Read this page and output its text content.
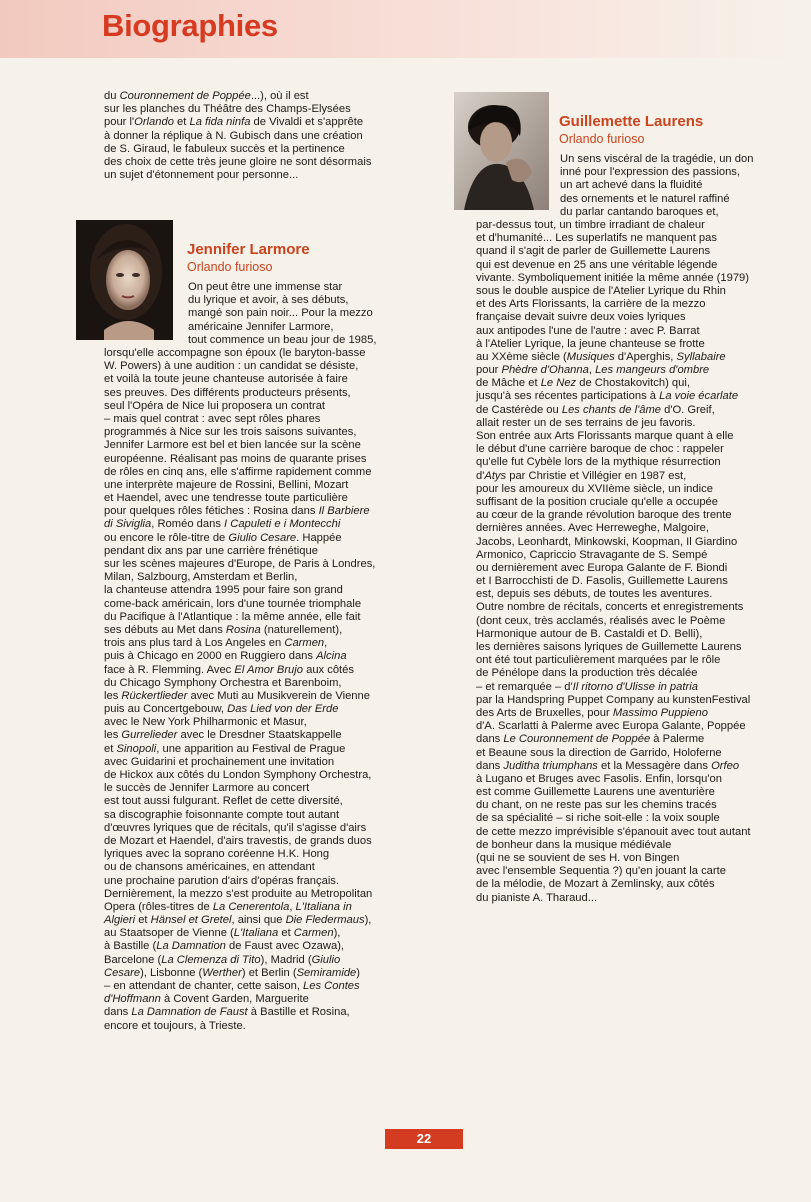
Biographies
du Couronnement de Poppée...), où il est
sur les planches du Théâtre des Champs-Elysées
pour l'Orlando et La fida ninfa de Vivaldi et s'apprête
à donner la réplique à N. Gubisch dans une création
de S. Giraud, le fabuleux succès et la pertinence
des choix de cette très jeune gloire ne sont désormais
un sujet d'étonnement pour personne...
Jennifer Larmore
Orlando furioso
On peut être une immense star
du lyrique et avoir, à ses débuts,
mangé son pain noir... Pour la mezzo
américaine Jennifer Larmore,
tout commence un beau jour de 1985,
lorsqu'elle accompagne son époux (le baryton-basse
W. Powers) à une audition : un candidat se désiste,
et voilà la toute jeune chanteuse autorisée à faire
ses preuves. Des différents producteurs présents,
seul l'Opéra de Nice lui proposera un contrat
– mais quel contrat : avec sept rôles phares
programmés à Nice sur les trois saisons suivantes,
Jennifer Larmore est bel et bien lancée sur la scène
européenne. Réalisant pas moins de quarante prises
de rôles en cinq ans, elle s'affirme rapidement comme
une interprète majeure de Rossini, Bellini, Mozart
et Haendel, avec une tendresse toute particulière
pour quelques rôles fétiches : Rosina dans Il Barbiere
di Siviglia, Roméo dans I Capuleti e i Montecchi
ou encore le rôle-titre de Giulio Cesare. Happée
pendant dix ans par une carrière frénétique
sur les scènes majeures d'Europe, de Paris à Londres,
Milan, Salzbourg, Amsterdam et Berlin,
la chanteuse attendra 1995 pour faire son grand
come-back américain, lors d'une tournée triomphale
du Pacifique à l'Atlantique : la même année, elle fait
ses débuts au Met dans Rosina (naturellement),
trois ans plus tard à Los Angeles en Carmen,
puis à Chicago en 2000 en Ruggiero dans Alcina
face à R. Flemming. Avec El Amor Brujo aux côtés
du Chicago Symphony Orchestra et Barenboim,
les Rückertlieder avec Muti au Musikverein de Vienne
puis au Concertgebouw, Das Lied von der Erde
avec le New York Philharmonic et Masur,
les Gurrelieder avec le Dresdner Staatskappelle
et Sinopoli, une apparition au Festival de Prague
avec Guidarini et prochainement une invitation
de Hickox aux côtés du London Symphony Orchestra,
le succès de Jennifer Larmore au concert
est tout aussi fulgurant. Reflet de cette diversité,
sa discographie foisonnante compte tout autant
d'œuvres lyriques que de récitals, qu'il s'agisse d'airs
de Mozart et Haendel, d'airs travestis, de grands duos
lyriques avec la soprano coréenne H.K. Hong
ou de chansons américaines, en attendant
une prochaine parution d'airs d'opéras français.
Dernièrement, la mezzo s'est produite au Metropolitan
Opera (rôles-titres de La Cenerentola, L'Italiana in
Algieri et Hänsel et Gretel, ainsi que Die Fledermaus),
au Staatsoper de Vienne (L'Italiana et Carmen),
à Bastille (La Damnation de Faust avec Ozawa),
Barcelone (La Clemenza di Tito), Madrid (Giulio
Cesare), Lisbonne (Werther) et Berlin (Semiramide)
– en attendant de chanter, cette saison, Les Contes
d'Hoffmann à Covent Garden, Marguerite
dans La Damnation de Faust à Bastille et Rosina,
encore et toujours, à Trieste.
Guillemette Laurens
Orlando furioso
Un sens viscéral de la tragédie, un don
inné pour l'expression des passions,
un art achevé dans la fluidité
des ornements et le naturel raffiné
du parlar cantando baroques et,
par-dessus tout, un timbre irradiant de chaleur
et d'humanité... Les superlatifs ne manquent pas
quand il s'agit de parler de Guillemette Laurens
qui est devenue en 25 ans une véritable légende
vivante. Symboliquement initiée la même année (1979)
sous le double auspice de l'Atelier Lyrique du Rhin
et des Arts Florissants, la carrière de la mezzo
française devait suivre deux voies lyriques
aux antipodes l'une de l'autre : avec P. Barrat
à l'Atelier Lyrique, la jeune chanteuse se frotte
au XXème siècle (Musiques d'Aperghis, Syllabaire
pour Phèdre d'Ohanna, Les mangeurs d'ombre
de Mâche et Le Nez de Chostakovitch) qui,
jusqu'à ses récentes participations à La voie écarlate
de Castérède ou Les chants de l'âme d'O. Greif,
allait rester un de ses terrains de jeu favoris.
Son entrée aux Arts Florissants marque quant à elle
le début d'une carrière baroque de choc : rappeler
qu'elle fut Cybèle lors de la mythique résurrection
d'Atys par Christie et Villégier en 1987 est,
pour les amoureux du XVIIème siècle, un indice
suffisant de la position cruciale qu'elle a occupée
au cœur de la grande révolution baroque des trente
dernières années. Avec Herreweghe, Malgoire,
Jacobs, Leonhardt, Minkowski, Koopman, Il Giardino
Armonico, Capriccio Stravagante de S. Sempé
ou dernièrement avec Europa Galante de F. Biondi
et I Barrocchisti de D. Fasolis, Guillemette Laurens
est, depuis ses débuts, de toutes les aventures.
Outre nombre de récitals, concerts et enregistrements
(dont ceux, très acclamés, réalisés avec le Poème
Harmonique autour de B. Castaldi et D. Belli),
les dernières saisons lyriques de Guillemette Laurens
ont été tout particulièrement marquées par le rôle
de Pénélope dans la production très décalée
– et remarquée – d'Il ritorno d'Ulisse in patria
par la Handspring Puppet Company au kunstenFestival
des Arts de Bruxelles, pour Massimo Puppieno
d'A. Scarlatti à Palerme avec Europa Galante, Poppée
dans Le Couronnement de Poppée à Palerme
et Beaune sous la direction de Garrido, Holoferne
dans Juditha triumphans et la Messagère dans Orfeo
à Lugano et Bruges avec Fasolis. Enfin, lorsqu'on
est comme Guillemette Laurens une aventurière
du chant, on ne reste pas sur les chemins tracés
de sa spécialité – si riche soit-elle : la voix souple
de cette mezzo imprévisible s'épanouit avec tout autant
de bonheur dans la musique médiévale
(qui ne se souvient de ses H. von Bingen
avec l'ensemble Sequentia ?) qu'en jouant la carte
de la mélodie, de Mozart à Zemlinsky, aux côtés
du pianiste A. Tharaud...
22
